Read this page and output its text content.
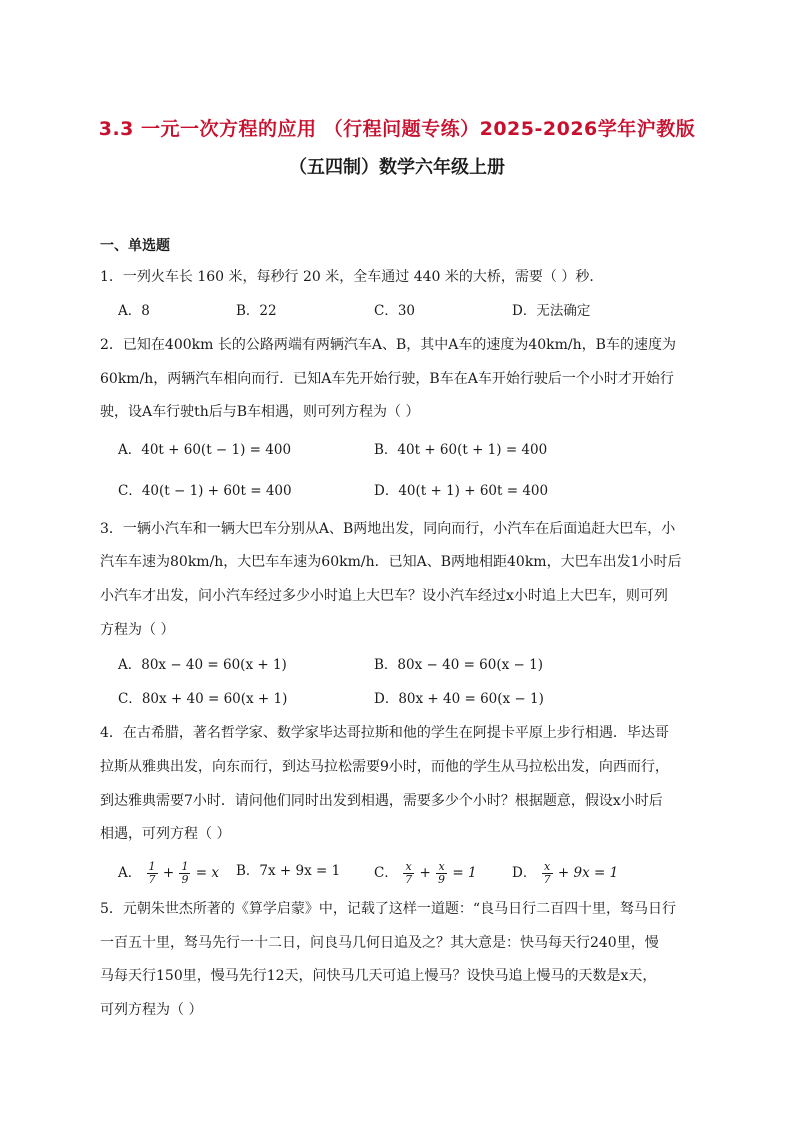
3.3 一元一次方程的应用 （行程问题专练）2025-2026学年沪教版
（五四制）数学六年级上册
一、单选题
1．一列火车长 160 米，每秒行 20 米，全车通过 440 米的大桥，需要（ ）秒．
A．8	B．22	C．30	D．无法确定
2．已知在400km 长的公路两端有两辆汽车A、B，其中A车的速度为40km/h，B车的速度为
60km/h，两辆汽车相向而行．已知A车先开始行驶，B车在A车开始行驶后一个小时才开始行
驶，设A车行驶th后与B车相遇，则可列方程为（ ）
A．40t + 60(t − 1) = 400	B．40t + 60(t + 1) = 400
C．40(t − 1) + 60t = 400	D．40(t + 1) + 60t = 400
3．一辆小汽车和一辆大巴车分别从A、B两地出发，同向而行，小汽车在后面追赶大巴车，小
汽车车速为80km/h，大巴车车速为60km/h．已知A、B两地相距40km，大巴车出发1小时后
小汽车才出发，问小汽车经过多少小时追上大巴车？设小汽车经过x小时追上大巴车，则可列
方程为（ ）
A．80x − 40 = 60(x + 1)	B．80x − 40 = 60(x − 1)
C．80x + 40 = 60(x + 1)	D．80x + 40 = 60(x − 1)
4．在古希腊，著名哲学家、数学家毕达哥拉斯和他的学生在阿提卡平原上步行相遇．毕达哥
拉斯从雅典出发，向东而行，到达马拉松需要9小时，而他的学生从马拉松出发，向西而行，
到达雅典需要7小时．请问他们同时出发到相遇，需要多少个小时？根据题意，假设x小时后
相遇，可列方程（ ）
A． $\frac{1}{7} + \frac{1}{9} = x$ B．7x + 9x = 1	C． $\frac{x}{7} + \frac{x}{9} = 1$	D． $\frac{x}{7} + 9x = 1$
5．元朝朱世杰所著的《算学启蒙》中，记载了这样一道题：“良马日行二百四十里，驽马日行
一百五十里，驽马先行一十二日，问良马几何日追及之？其大意是：快马每天行240里，慢
马每天行150里，慢马先行12天，问快马几天可追上慢马？设快马追上慢马的天数是x天，
可列方程为（ ）
